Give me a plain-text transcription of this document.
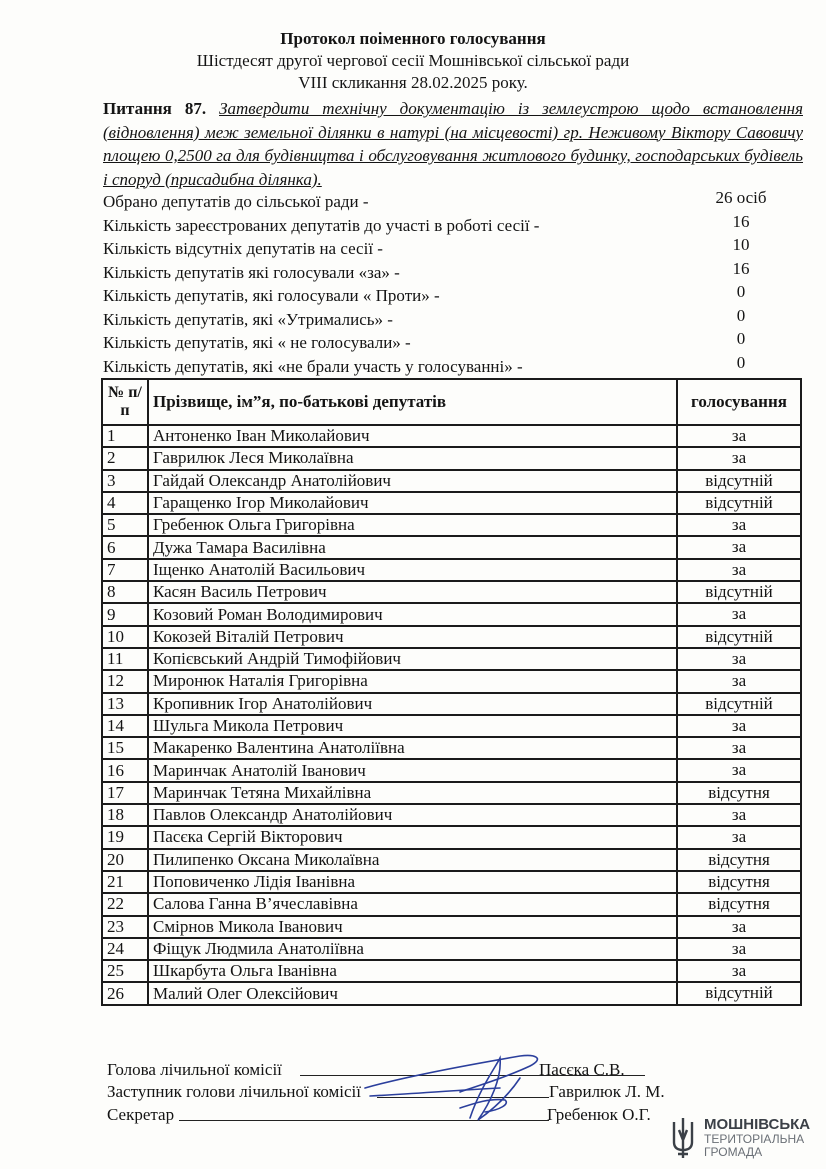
Протокол поіменного голосування
Шістдесят другої чергової сесії Мошнівської сільської ради
VIII скликання 28.02.2025 року.
Питання 87. Затвердити технічну документацію із землеустрою щодо встановлення (відновлення) меж земельної ділянки в натурі (на місцевості) гр. Неживому Віктору Савовичу площею 0,2500 га для будівництва і обслуговування житлового будинку, господарських будівель і споруд (присадибна ділянка).
Обрано депутатів до сільської ради -	26 осіб
Кількість зареєстрованих депутатів до участі в роботі сесії -	16
Кількість відсутніх депутатів на сесії -	10
Кількість депутатів які голосували «за» -	16
Кількість депутатів, які голосували « Проти» -	0
Кількість депутатів, які «Утримались» -	0
Кількість депутатів, які « не голосували» -	0
Кількість депутатів, які «не брали участь у голосуванні» -	0
№ п/п	Прізвище, ім”я, по-батькові депутатів	голосування
1	Антоненко Іван Миколайович	за
2	Гаврилюк Леся Миколаївна	за
3	Гайдай Олександр Анатолійович	відсутній
4	Гаращенко Ігор Миколайович	відсутній
5	Гребенюк Ольга Григорівна	за
6	Дужа Тамара Василівна	за
7	Іщенко Анатолій Васильович	за
8	Касян Василь Петрович	відсутній
9	Козовий Роман Володимирович	за
10	Кокозей Віталій Петрович	відсутній
11	Копієвський Андрій Тимофійович	за
12	Миронюк Наталія Григорівна	за
13	Кропивник Ігор Анатолійович	відсутній
14	Шульга Микола Петрович	за
15	Макаренко Валентина Анатоліївна	за
16	Маринчак Анатолій Іванович	за
17	Маринчак Тетяна Михайлівна	відсутня
18	Павлов Олександр Анатолійович	за
19	Пасєка Сергій Вікторович	за
20	Пилипенко Оксана Миколаївна	відсутня
21	Поповиченко Лідія Іванівна	відсутня
22	Салова Ганна В’ячеславівна	відсутня
23	Смірнов Микола Іванович	за
24	Фіщук Людмила Анатоліївна	за
25	Шкарбута Ольга Іванівна	за
26	Малий Олег Олексійович	відсутній
Голова лічильної комісії	Пасєка С.В.
Заступник голови лічильної комісії	Гаврилюк Л. М.
Секретар	Гребенюк О.Г.
МОШНІВСЬКА
ТЕРИТОРІАЛЬНА
ГРОМАДА
